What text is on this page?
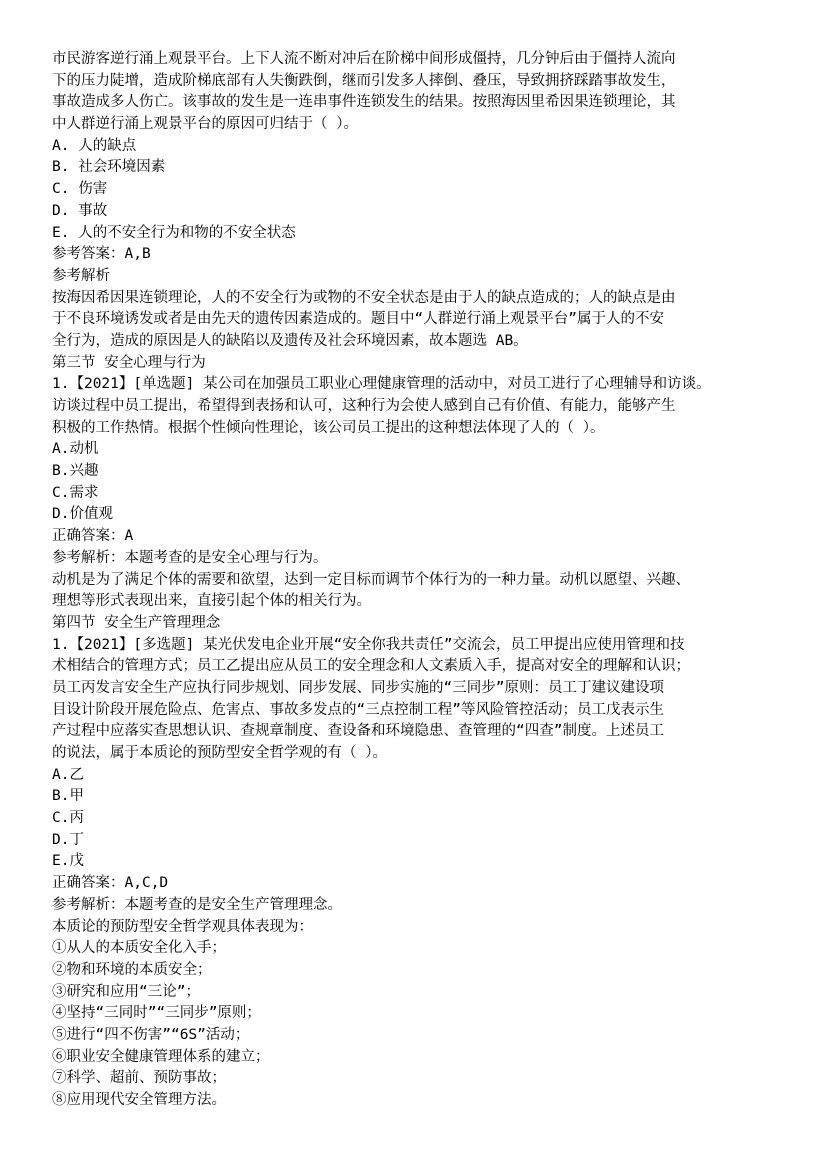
市民游客逆行涌上观景平台。上下人流不断对冲后在阶梯中间形成僵持，几分钟后由于僵持人流向
下的压力陡增，造成阶梯底部有人失衡跌倒，继而引发多人摔倒、叠压，导致拥挤踩踏事故发生，
事故造成多人伤亡。该事故的发生是一连串事件连锁发生的结果。按照海因里希因果连锁理论，其
中人群逆行涌上观景平台的原因可归结于（ ）。
A. 人的缺点
B. 社会环境因素
C. 伤害
D. 事故
E. 人的不安全行为和物的不安全状态
参考答案：A,B
参考解析
按海因希因果连锁理论，人的不安全行为或物的不安全状态是由于人的缺点造成的；人的缺点是由
于不良环境诱发或者是由先天的遗传因素造成的。题目中“人群逆行涌上观景平台”属于人的不安
全行为，造成的原因是人的缺陷以及遗传及社会环境因素，故本题选 AB。
第三节 安全心理与行为
1.【2021】[单选题] 某公司在加强员工职业心理健康管理的活动中，对员工进行了心理辅导和访谈。
访谈过程中员工提出，希望得到表扬和认可，这种行为会使人感到自己有价值、有能力，能够产生
积极的工作热情。根据个性倾向性理论，该公司员工提出的这种想法体现了人的（ ）。
A.动机
B.兴趣
C.需求
D.价值观
正确答案：A
参考解析：本题考查的是安全心理与行为。
动机是为了满足个体的需要和欲望，达到一定目标而调节个体行为的一种力量。动机以愿望、兴趣、
理想等形式表现出来，直接引起个体的相关行为。
第四节 安全生产管理理念
1.【2021】[多选题] 某光伏发电企业开展“安全你我共责任”交流会，员工甲提出应使用管理和技
术相结合的管理方式；员工乙提出应从员工的安全理念和人文素质入手，提高对安全的理解和认识；
员工丙发言安全生产应执行同步规划、同步发展、同步实施的“三同步”原则：员工丁建议建设项
目设计阶段开展危险点、危害点、事故多发点的“三点控制工程”等风险管控活动；员工戊表示生
产过程中应落实查思想认识、查规章制度、查设备和环境隐患、查管理的“四查”制度。上述员工
的说法，属于本质论的预防型安全哲学观的有（ ）。
A.乙
B.甲
C.丙
D.丁
E.戊
正确答案：A,C,D
参考解析：本题考查的是安全生产管理理念。
本质论的预防型安全哲学观具体表现为：
①从人的本质安全化入手；
②物和环境的本质安全；
③研究和应用“三论”；
④坚持“三同时”“三同步”原则；
⑤进行“四不伤害”“6S”活动；
⑥职业安全健康管理体系的建立；
⑦科学、超前、预防事故；
⑧应用现代安全管理方法。
